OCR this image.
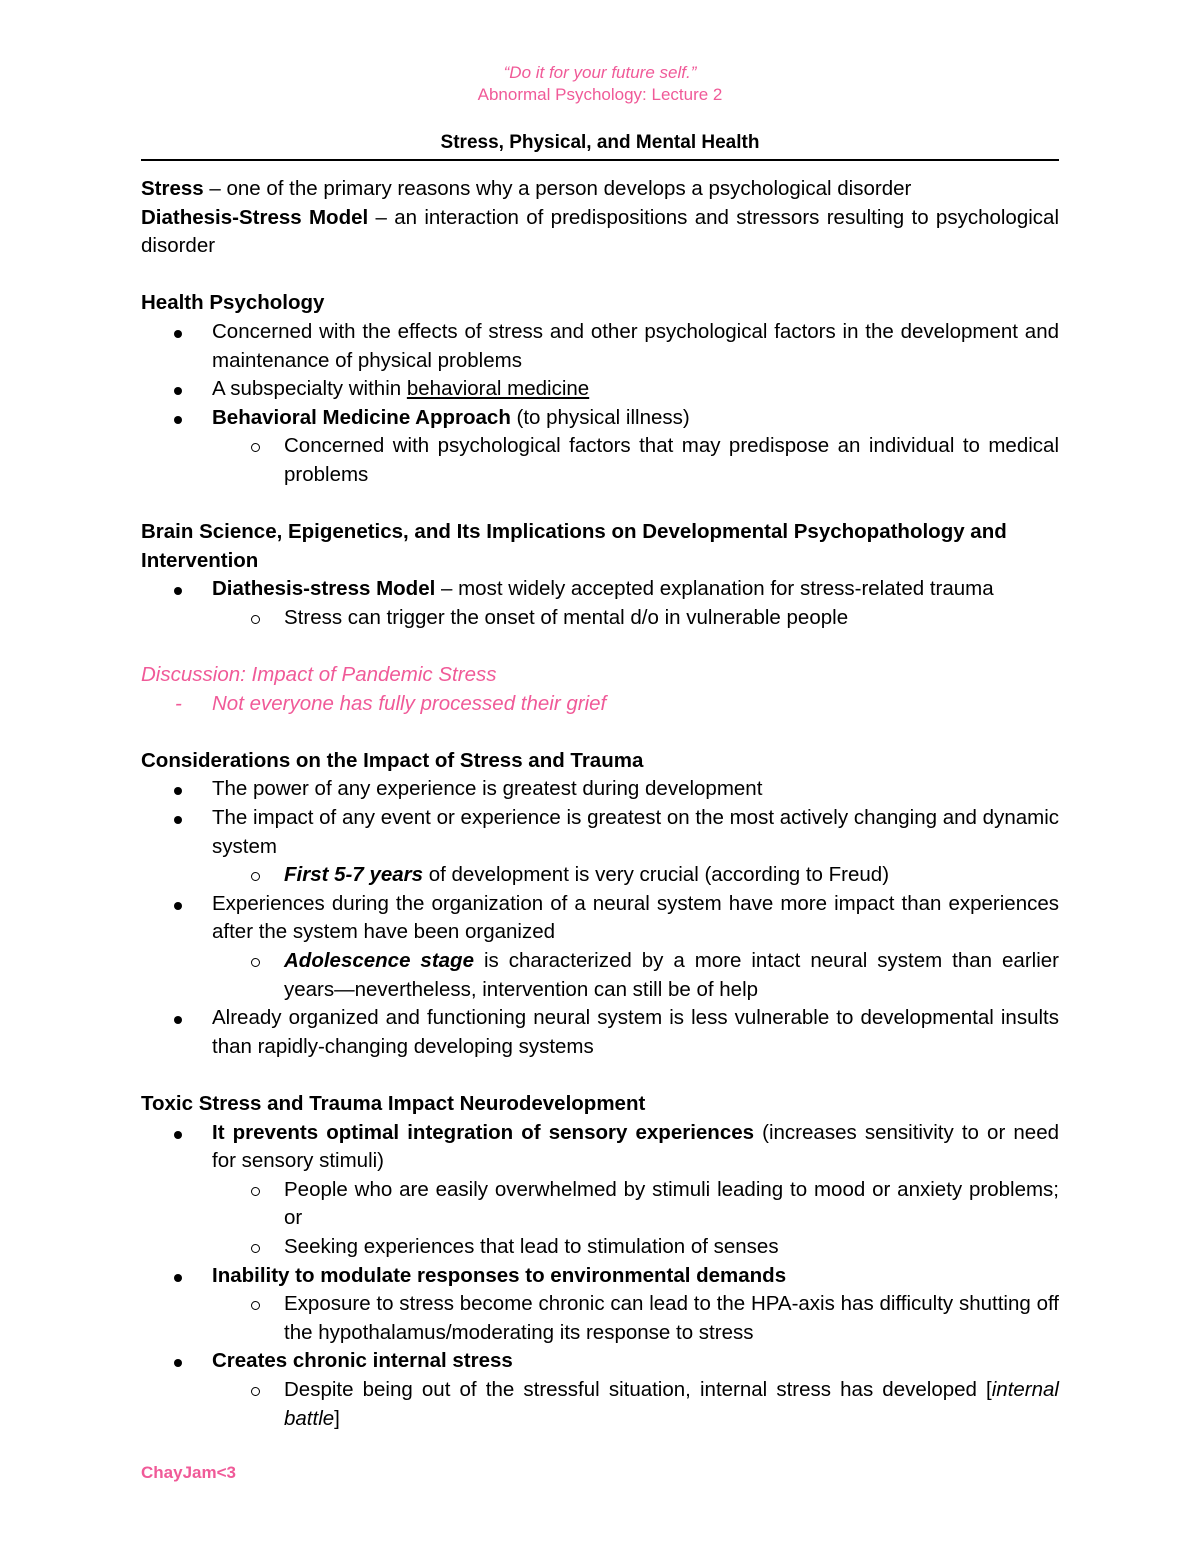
“Do it for your future self.”
Abnormal Psychology: Lecture 2
Stress, Physical, and Mental Health

Stress – one of the primary reasons why a person develops a psychological disorder

Diathesis-Stress Model – an interaction of predispositions and stressors resulting to psychological disorder

Health Psychology

Concerned with the effects of stress and other psychological factors in the development and maintenance of physical problems
A subspecialty within behavioral medicine
Behavioral Medicine Approach (to physical illness)
Concerned with psychological factors that may predispose an individual to medical problems

Brain Science, Epigenetics, and Its Implications on Developmental Psychopathology and Intervention

Diathesis-stress Model – most widely accepted explanation for stress-related trauma
Stress can trigger the onset of mental d/o in vulnerable people

Discussion: Impact of Pandemic Stress

- Not everyone has fully processed their grief

Considerations on the Impact of Stress and Trauma

The power of any experience is greatest during development
The impact of any event or experience is greatest on the most actively changing and dynamic system
First 5-7 years of development is very crucial (according to Freud)
Experiences during the organization of a neural system have more impact than experiences after the system have been organized
Adolescence stage is characterized by a more intact neural system than earlier years—nevertheless, intervention can still be of help
Already organized and functioning neural system is less vulnerable to developmental insults than rapidly-changing developing systems

Toxic Stress and Trauma Impact Neurodevelopment

It prevents optimal integration of sensory experiences (increases sensitivity to or need for sensory stimuli)
People who are easily overwhelmed by stimuli leading to mood or anxiety problems; or
Seeking experiences that lead to stimulation of senses
Inability to modulate responses to environmental demands
Exposure to stress become chronic can lead to the HPA-axis has difficulty shutting off the hypothalamus/moderating its response to stress
Creates chronic internal stress
Despite being out of the stressful situation, internal stress has developed [internal battle]
ChayJam<3
